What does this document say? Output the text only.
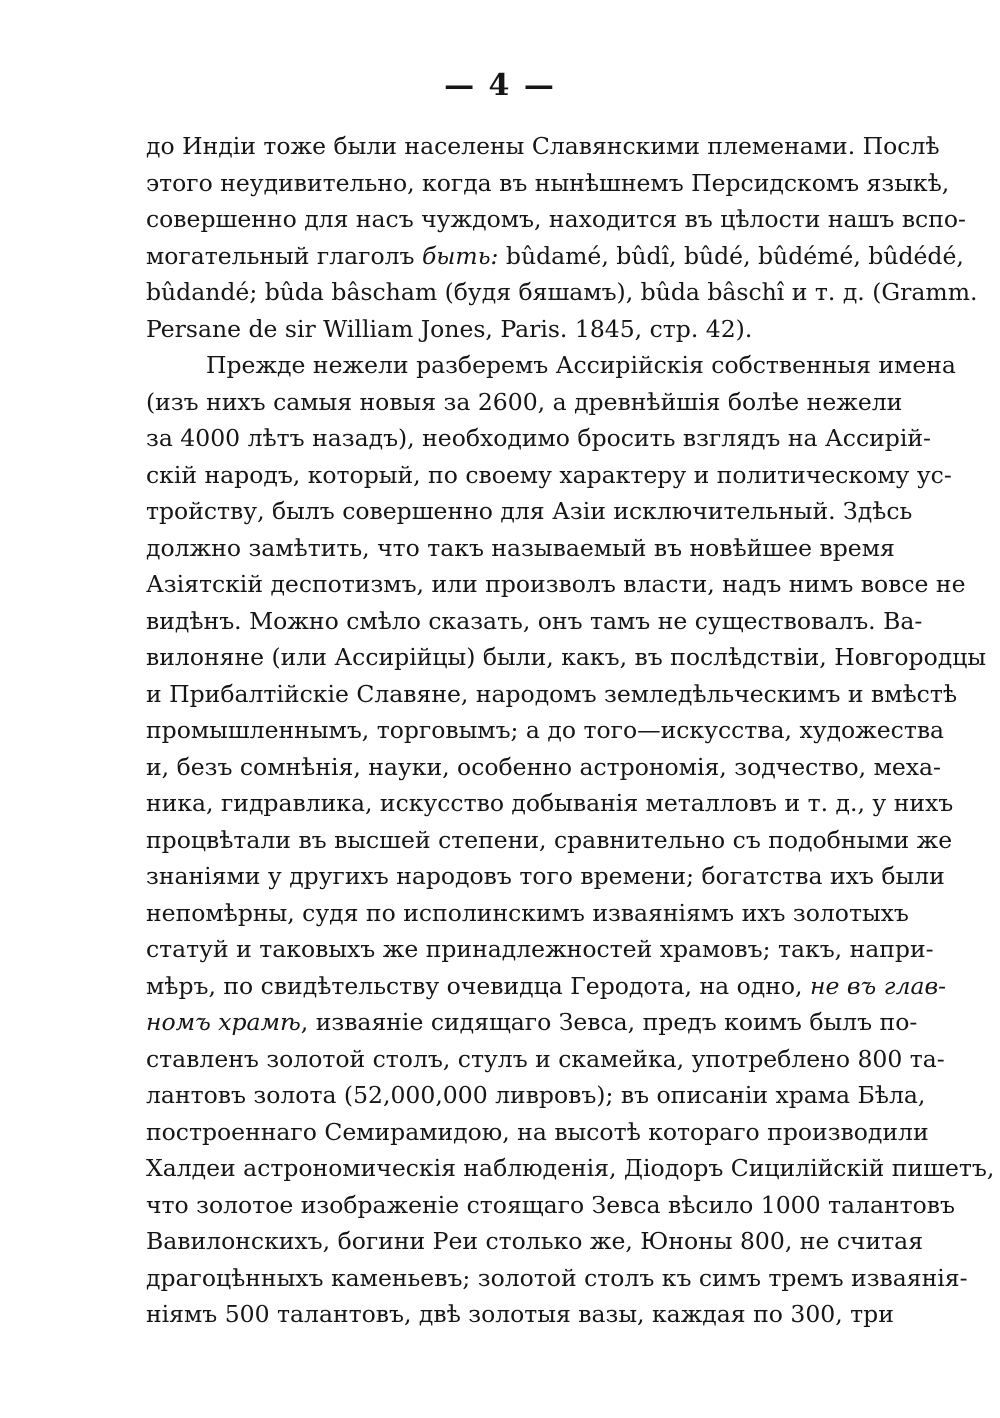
— 4 —
до Индіи тоже были населены Славянскими племенами. Послѣ
этого неудивительно, когда въ нынѣшнемъ Персидскомъ языкѣ,
совершенно для насъ чуждомъ, находится въ цѣлости нашъ вспо-
могательный глаголъ быть: bûdamé, bûdî, bûdé, bûdémé, bûdédé,
bûdandé; bûda bâscham (будя бяшамъ), bûda bâschî и т. д. (Gramm.
Persane de sir William Jones, Paris. 1845, стр. 42).
Прежде нежели разберемъ Ассирійскія собственныя имена
(изъ нихъ самыя новыя за 2600, а древнѣйшія болѣе нежели
за 4000 лѣтъ назадъ), необходимо бросить взглядъ на Ассирій-
скій народъ, который, по своему характеру и политическому ус-
тройству, былъ совершенно для Азіи исключительный. Здѣсь
должно замѣтить, что такъ называемый въ новѣйшее время
Азіятскій деспотизмъ, или произволъ власти, надъ нимъ вовсе не
видѣнъ. Можно смѣло сказать, онъ тамъ не существовалъ. Ва-
вилоняне (или Ассирійцы) были, какъ, въ послѣдствіи, Новгородцы
и Прибалтійскіе Славяне, народомъ земледѣльческимъ и вмѣстѣ
промышленнымъ, торговымъ; а до того—искусства, художества
и, безъ сомнѣнія, науки, особенно астрономія, зодчество, меха-
ника, гидравлика, искусство добыванія металловъ и т. д., у нихъ
процвѣтали въ высшей степени, сравнительно съ подобными же
знаніями у другихъ народовъ того времени; богатства ихъ были
непомѣрны, судя по исполинскимъ изваяніямъ ихъ золотыхъ
статуй и таковыхъ же принадлежностей храмовъ; такъ, напри-
мѣръ, по свидѣтельству очевидца Геродота, на одно, не въ глав-
номъ храмѣ, изваяніе сидящаго Зевса, предъ коимъ былъ по-
ставленъ золотой столъ, стулъ и скамейка, употреблено 800 та-
лантовъ золота (52,000,000 ливровъ); въ описаніи храма Бѣла,
построеннаго Семирамидою, на высотѣ котораго производили
Халдеи астрономическія наблюденія, Діодоръ Сицилійскій пишетъ,
что золотое изображеніе стоящаго Зевса вѣсило 1000 талантовъ
Вавилонскихъ, богини Реи столько же, Юноны 800, не считая
драгоцѣнныхъ каменьевъ; золотой столъ къ симъ тремъ изваянія-
ніямъ 500 талантовъ, двѣ золотыя вазы, каждая по 300, три
